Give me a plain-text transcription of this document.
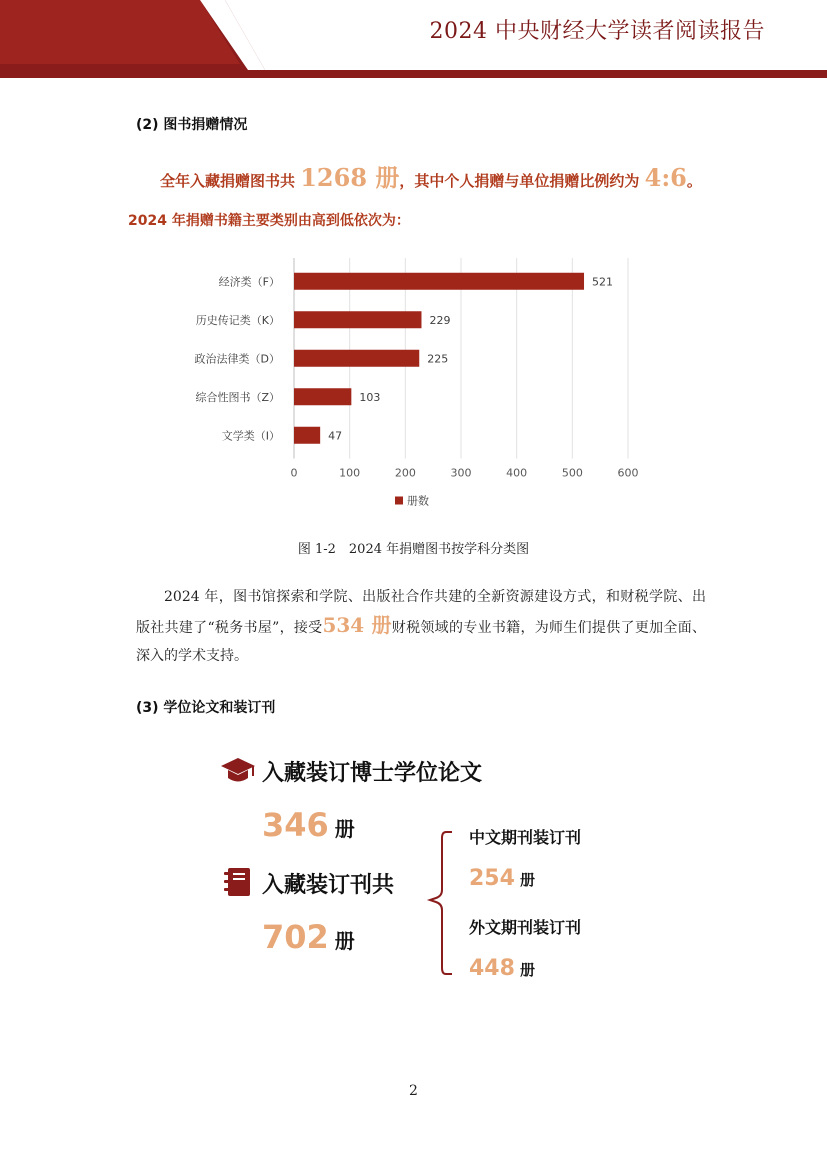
2024 中央财经大学读者阅读报告
(2) 图书捐赠情况
全年入藏捐赠图书共 1268 册，其中个人捐赠与单位捐赠比例约为 4:6。
2024 年捐赠书籍主要类别由高到低依次为：
0	100	200	300	400	500	600
经济类（F）	521
历史传记类（K）	229
政治法律类（D）	225
综合性图书（Z）	103
文学类（I）	47
册数
图 1-2　2024 年捐赠图书按学科分类图
2024 年，图书馆探索和学院、出版社合作共建的全新资源建设方式，和财税学院、出版社共建了“税务书屋”，接受534 册财税领域的专业书籍，为师生们提供了更加全面、深入的学术支持。
(3) 学位论文和装订刊
入藏装订博士学位论文
346 册
入藏装订刊共
702 册
中文期刊装订刊
254 册
外文期刊装订刊
448 册
2
